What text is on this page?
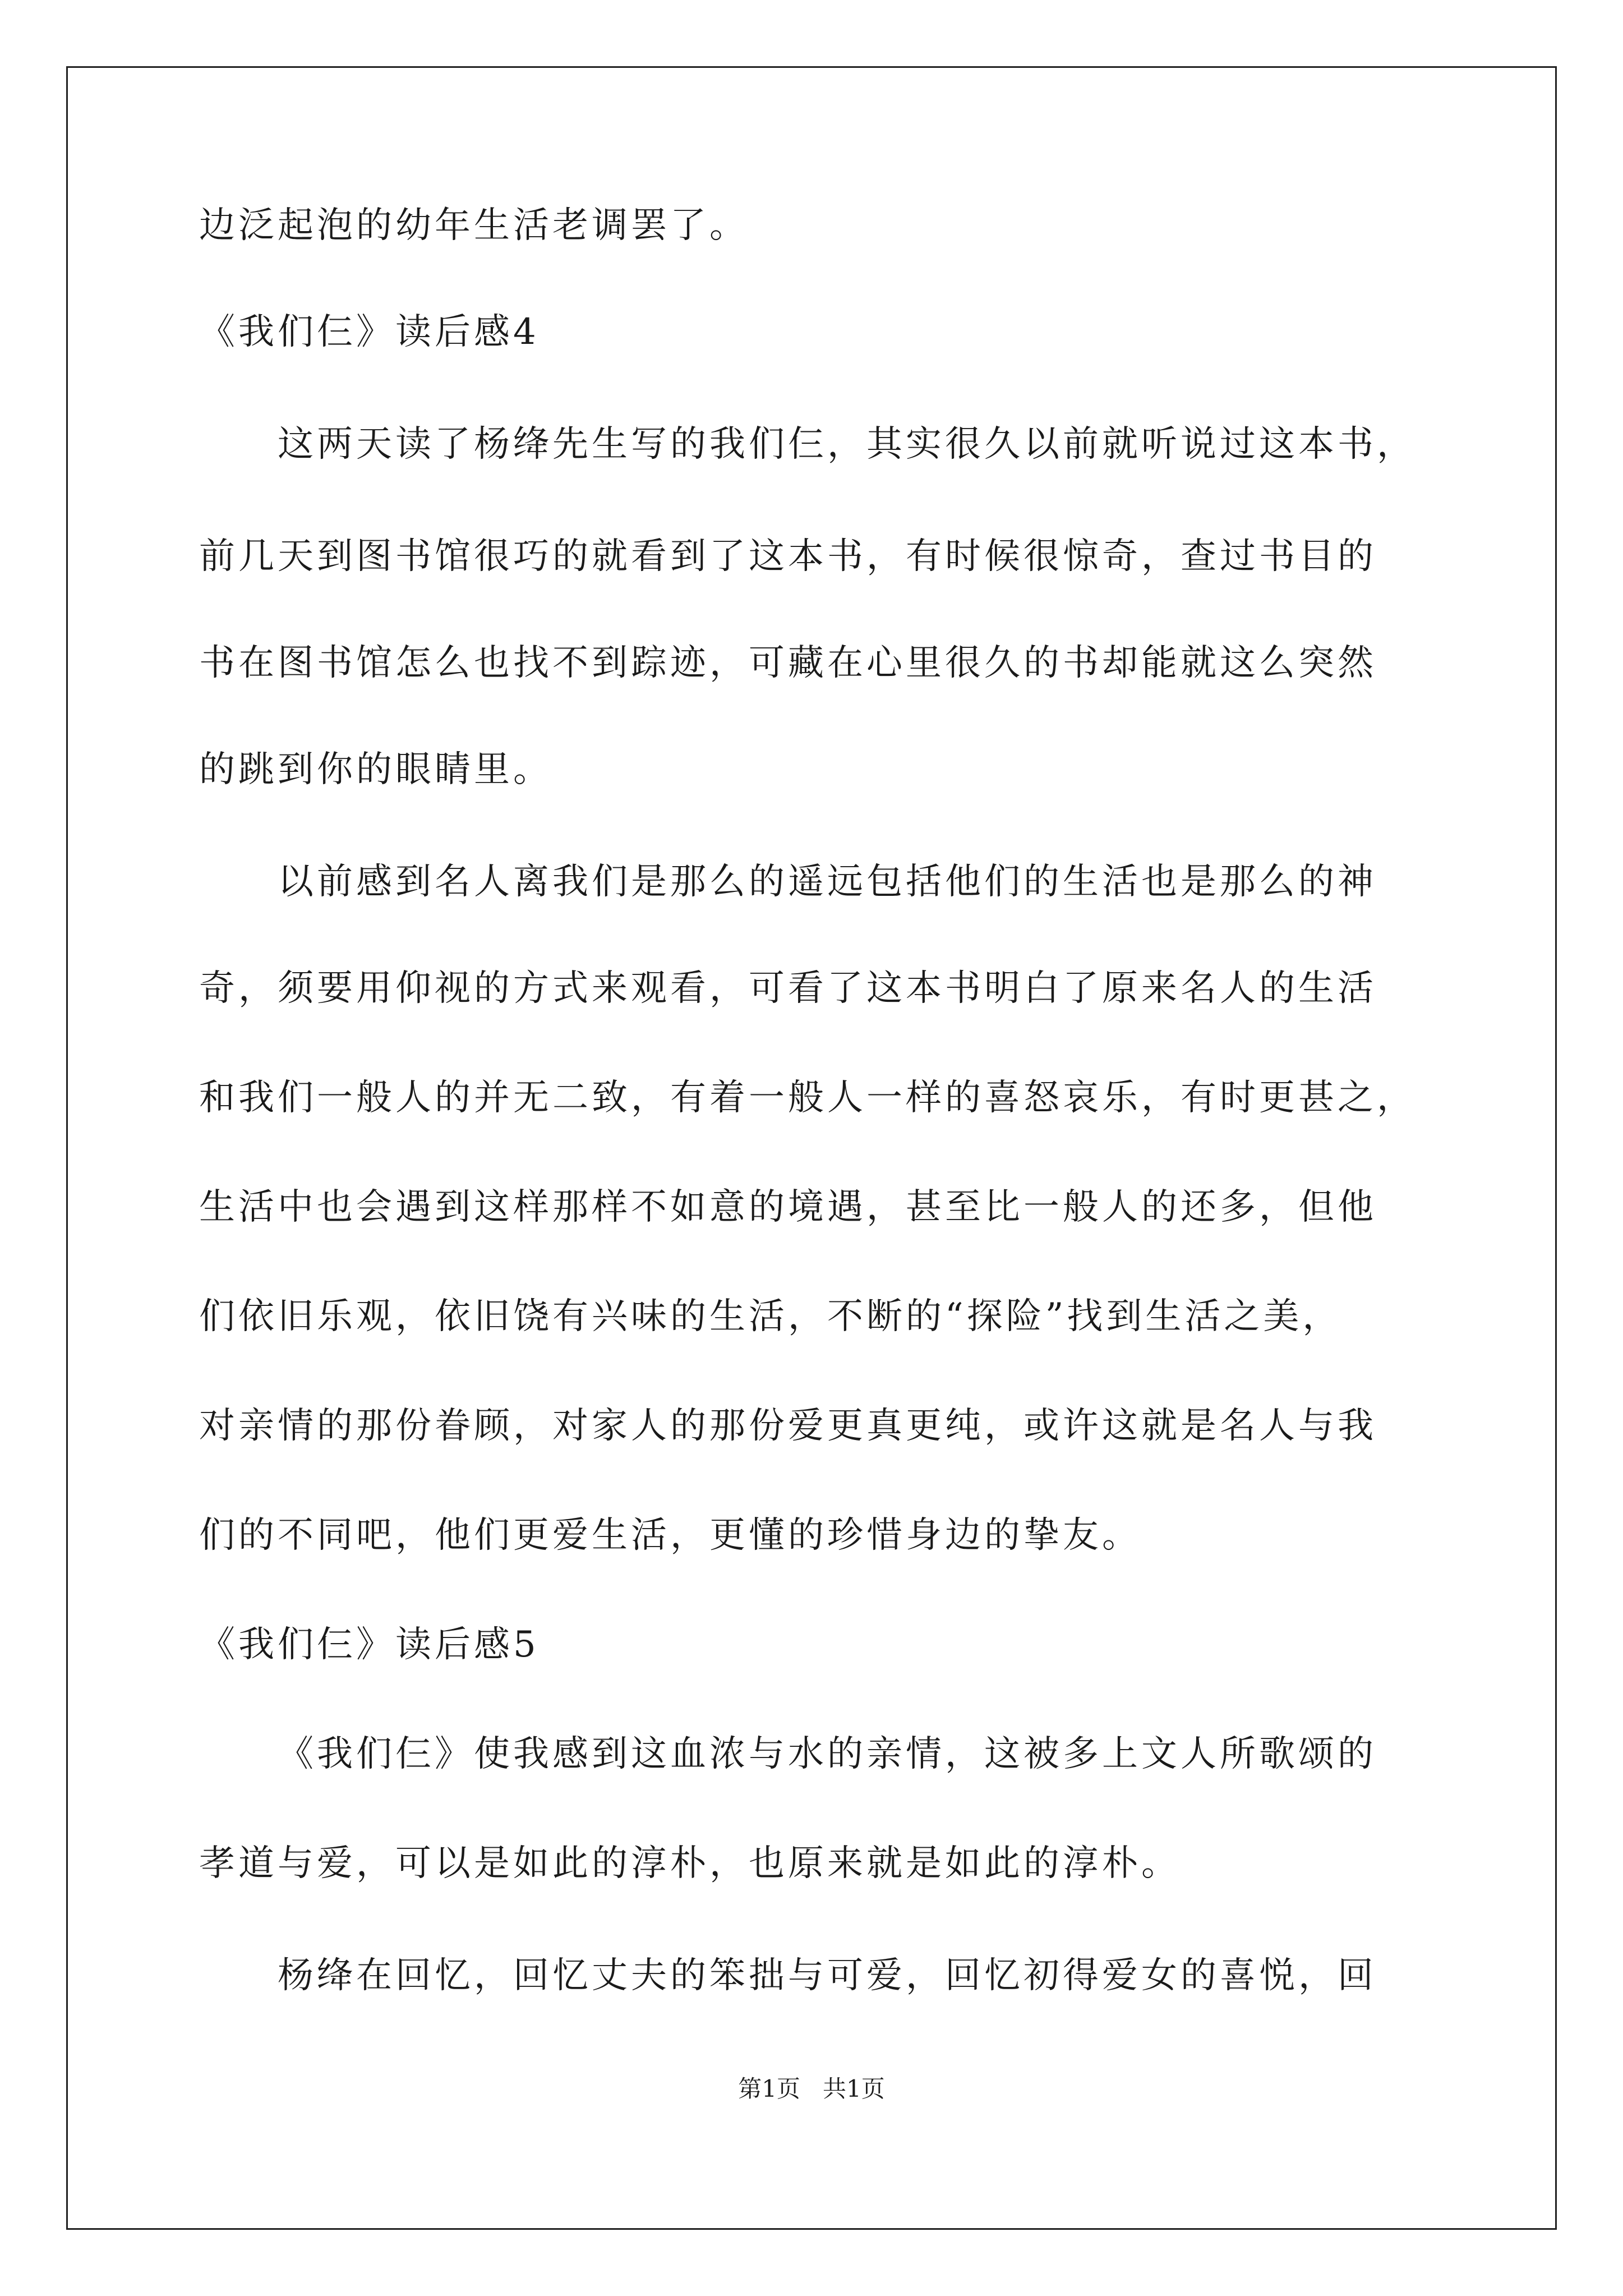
边泛起泡的幼年生活老调罢了。
《我们仨》读后感4
这两天读了杨绛先生写的我们仨，其实很久以前就听说过这本书，
前几天到图书馆很巧的就看到了这本书，有时候很惊奇，查过书目的
书在图书馆怎么也找不到踪迹，可藏在心里很久的书却能就这么突然
的跳到你的眼睛里。
以前感到名人离我们是那么的遥远包括他们的生活也是那么的神
奇，须要用仰视的方式来观看，可看了这本书明白了原来名人的生活
和我们一般人的并无二致，有着一般人一样的喜怒哀乐，有时更甚之，
生活中也会遇到这样那样不如意的境遇，甚至比一般人的还多，但他
们依旧乐观，依旧饶有兴味的生活，不断的“探险”找到生活之美，
对亲情的那份眷顾，对家人的那份爱更真更纯，或许这就是名人与我
们的不同吧，他们更爱生活，更懂的珍惜身边的挚友。
《我们仨》读后感5
《我们仨》使我感到这血浓与水的亲情，这被多上文人所歌颂的
孝道与爱，可以是如此的淳朴，也原来就是如此的淳朴。
杨绛在回忆，回忆丈夫的笨拙与可爱，回忆初得爱女的喜悦，回
第1页   共1页
